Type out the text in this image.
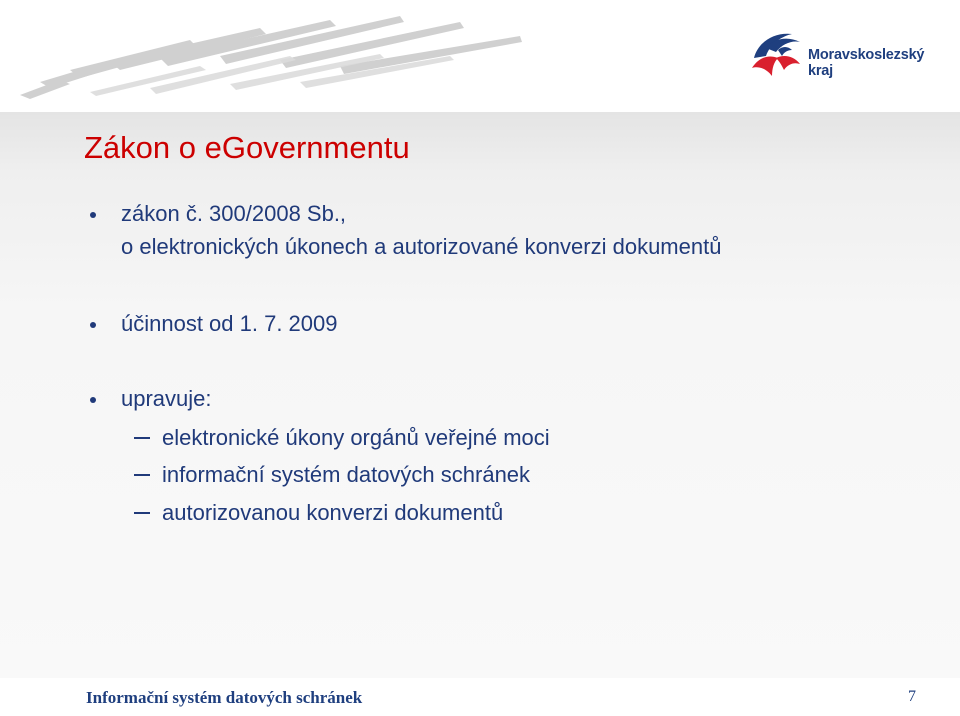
Moravskoslezský
kraj
Zákon o eGovernmentu
zákon č. 300/2008 Sb.,
o elektronických úkonech a autorizované konverzi dokumentů
účinnost od 1. 7. 2009
upravuje:
elektronické úkony orgánů veřejné moci
informační systém datových schránek
autorizovanou konverzi dokumentů
Informační systém datových schránek	7
